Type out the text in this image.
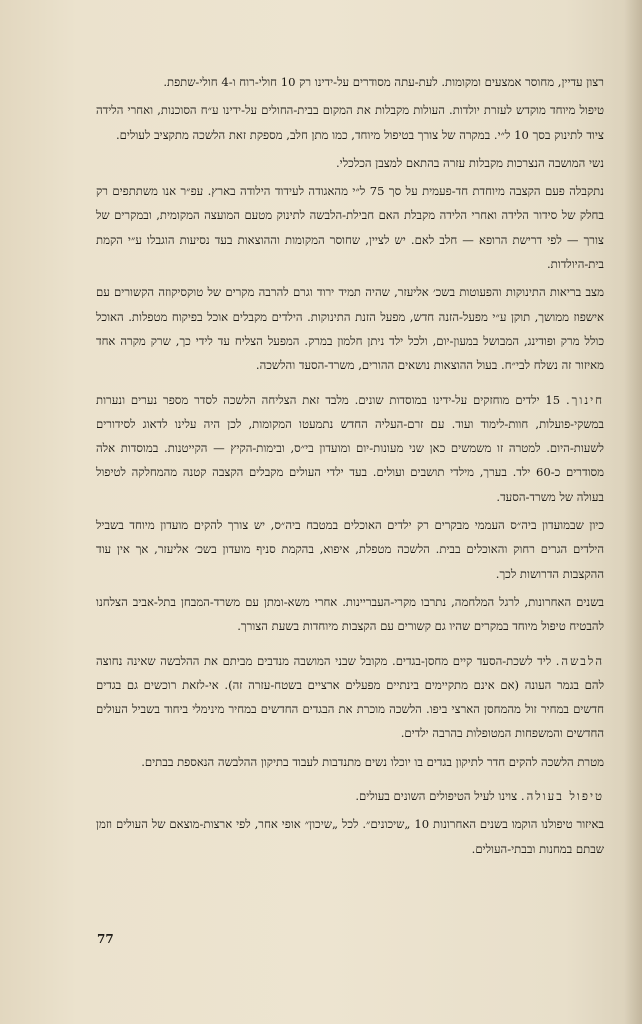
רצון עדיין, מחוסר אמצעים ומקומות. לעת-עתה מסודרים על-ידינו רק 10 חולי-רוח ו-4 חולי-שתפת.

טיפול מיוחד מוקדש לעזרת יולדות. העולות מקבלות את המקום בבית-החולים על-ידינו ע״ח הסוכנות, ואחרי הלידה ציוד לתינוק בסך 10 ל״י. במקרה של צורך בטיפול מיוחד, כמו מתן חלב, מספקת זאת הלשכה מתקציב לעולים.

נשי המושבה הנצרכות מקבלות עזרה בהתאם למצבן הכלכלי.

נתקבלה פעם הקצבה מיוחדת חד-פעמית על סך 75 ל״י מהאגודה לעידוד הילודה בארץ. עפ״ר אנו משתתפים רק בחלק של סידור הלידה ואחרי הלידה מקבלת האם חבילת-הלבשה לתינוק מטעם המועצה המקומית, ובמקרים של צורך — לפי דרישת הרופא — חלב לאם. יש לציין, שחוסר המקומות וההוצאות בעד נסיעות הוגבלו ע״י הקמת בית-היולדות.

מצב בריאות התינוקות והפעוטות בשכ׳ אליעזר, שהיה תמיד ירוד וגרם להרבה מקרים של טוקסיקוזה הקשורים עם אישפוז ממושך, תוקן ע״י מפעל-הזנה חדש, מפעל הזנת התינוקות. הילדים מקבלים אוכל בפיקוח מטפלות. האוכל כולל מרק ופודינג, המבושל במעון-יום, ולכל ילד ניתן חלמון במרק. המפעל הצליח עד לידי כך, שרק מקרה אחד מאיזור זה נשלח לבי״ח. בעול ההוצאות נושאים ההורים, משרד-הסעד והלשכה.

חינוך. 15 ילדים מוחזקים על-ידינו במוסדות שונים. מלבד זאת הצליחה הלשכה לסדר מספר נערים ונערות במשקי-פועלות, חוות-לימוד ועוד. עם זרם-העליה החדש נתמעטו המקומות, לכן היה עלינו לדאוג לסידורים לשעות-היום. למטרה זו משמשים כאן שני מעונות-יום ומועדון בי״ס, ובימות-הקיץ — הקייטנות. במוסדות אלה מסודרים כ-60 ילד. בערך, מילדי תושבים ועולים. בעד ילדי העולים מקבלים הקצבה קטנה מהמחלקה לטיפול בעולה של משרד-הסעד.

כיון שבמועדון ביה״ס העממי מבקרים רק ילדים האוכלים במטבח ביה״ס, יש צורך להקים מועדון מיוחד בשביל הילדים הגרים רחוק והאוכלים בבית. הלשכה מטפלת, איפוא, בהקמת סניף מועדון בשכ׳ אליעזר, אך אין עוד ההקצבות הדרושות לכך.

בשנים האחרונות, לרגל המלחמה, נתרבו מקרי-העבריינות. אחרי משא-ומתן עם משרד-המבחן בתל-אביב הצלחנו להבטיח טיפול מיוחד במקרים שהיו גם קשורים עם הקצבות מיוחדות בשעת הצורך.

הלבשה. ליד לשכת-הסעד קיים מחסן-בגדים. מקובל שבני המושבה מנדבים מביתם את ההלבשה שאינה נחוצה להם בגמר העונה (אם אינם מתקיימים בינתיים מפעלים ארציים בשטח-עזרה זה). אי-לזאת רוכשים גם בגדים חדשים במחיר זול מהמחסן הארצי ביפו. הלשכה מוכרת את הבגדים החדשים במחיר מינימלי ביחוד בשביל העולים החדשים והמשפחות המטופלות בהרבה ילדים.

מטרת הלשכה להקים חדר לתיקון בגדים בו יוכלו נשים מתנדבות לעבוד בתיקון ההלבשה הנאספת בבתים.

טיפול בעולה. צוינו לעיל הטיפולים השונים בעולים.

באיזור טיפולנו הוקמו בשנים האחרונות 10 „שיכונים״. לכל „שיכון״ אופי אחר, לפי ארצות-מוצאם של העולים וזמן שבתם במחנות ובבתי-העולים.

77
